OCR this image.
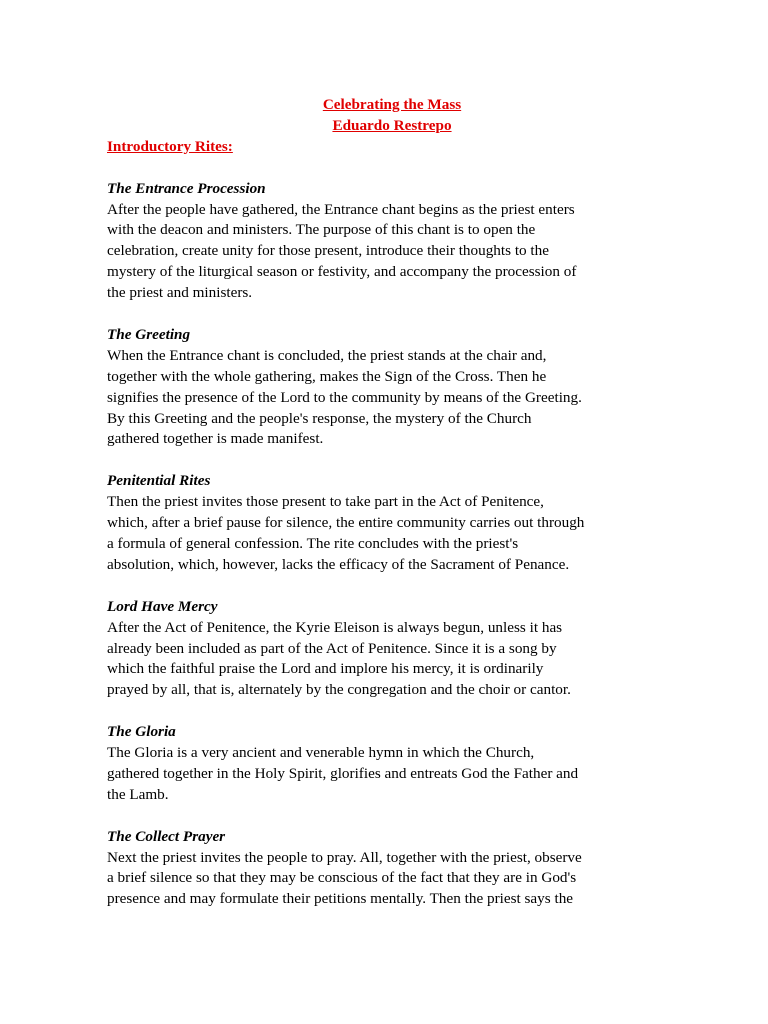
Celebrating the Mass

Eduardo Restrepo

Introductory Rites:

The Entrance Procession

After the people have gathered, the Entrance chant begins as the priest enters
with the deacon and ministers. The purpose of this chant is to open the
celebration, create unity for those present, introduce their thoughts to the
mystery of the liturgical season or festivity, and accompany the procession of
the priest and ministers.

The Greeting

When the Entrance chant is concluded, the priest stands at the chair and,
together with the whole gathering, makes the Sign of the Cross. Then he
signifies the presence of the Lord to the community by means of the Greeting.
By this Greeting and the people's response, the mystery of the Church
gathered together is made manifest.

Penitential Rites

Then the priest invites those present to take part in the Act of Penitence,
which, after a brief pause for silence, the entire community carries out through
a formula of general confession. The rite concludes with the priest's
absolution, which, however, lacks the efficacy of the Sacrament of Penance.

Lord Have Mercy

After the Act of Penitence, the Kyrie Eleison is always begun, unless it has
already been included as part of the Act of Penitence. Since it is a song by
which the faithful praise the Lord and implore his mercy, it is ordinarily
prayed by all, that is, alternately by the congregation and the choir or cantor.

The Gloria

The Gloria is a very ancient and venerable hymn in which the Church,
gathered together in the Holy Spirit, glorifies and entreats God the Father and
the Lamb.

The Collect Prayer

Next the priest invites the people to pray. All, together with the priest, observe
a brief silence so that they may be conscious of the fact that they are in God's
presence and may formulate their petitions mentally. Then the priest says the
